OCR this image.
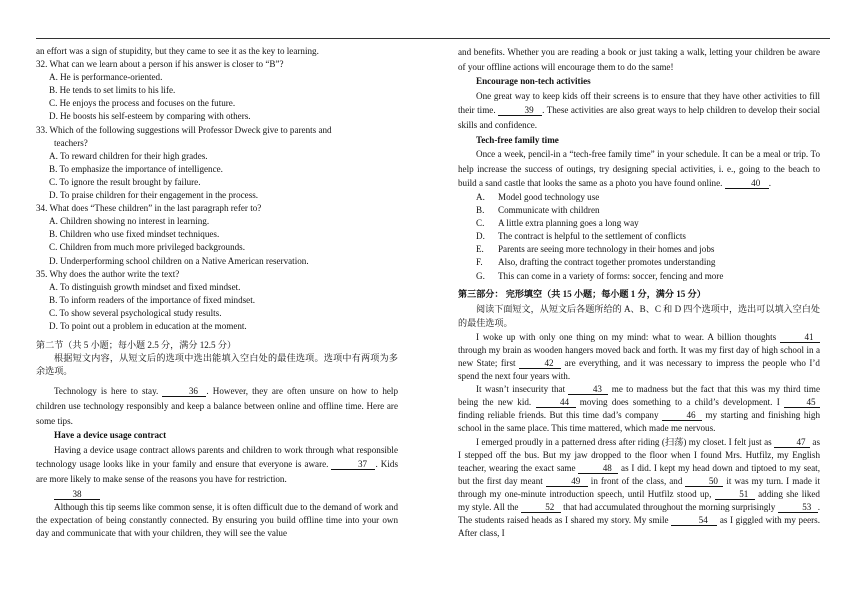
an effort was a sign of stupidity, but they came to see it as the key to learning.

32. What can we learn about a person if his answer is closer to “B”?

A. He is performance-oriented.

B. He tends to set limits to his life.

C. He enjoys the process and focuses on the future.

D. He boosts his self-esteem by comparing with others.

33. Which of the following suggestions will Professor Dweck give to parents and

teachers?

A. To reward children for their high grades.

B. To emphasize the importance of intelligence.

C. To ignore the result brought by failure.

D. To praise children for their engagement in the process.

34. What does “These children” in the last paragraph refer to?

A. Children showing no interest in learning.

B. Children who use fixed mindset techniques.

C. Children from much more privileged backgrounds.

D. Underperforming school children on a Native American reservation.

35. Why does the author write the text?

A. To distinguish growth mindset and fixed mindset.

B. To inform readers of the importance of fixed mindset.

C. To show several psychological study results.

D. To point out a problem in education at the moment.

第二节（共 5 小题；每小题 2.5 分，满分 12.5 分）

根据短文内容，从短文后的选项中选出能填入空白处的最佳选项。选项中有两项为多余选项。

Technology is here to stay.	36 . However, they are often unsure on how to help children use technology responsibly and keep a balance between online and offline time. Here are some tips.

Have a device usage contract

Having a device usage contract allows parents and children to work through what responsible technology usage looks like in your family and ensure that everyone is aware.	37 . Kids are more likely to make sense of the reasons you have for restriction.

38

Although this tip seems like common sense, it is often difficult due to the demand of work and the expectation of being constantly connected. By ensuring you build offline time into your own day and communicate that with your children, they will see the value

and benefits. Whether you are reading a book or just taking a walk, letting your children be aware of your offline actions will encourage them to do the same!

Encourage non-tech activities

One great way to keep kids off their screens is to ensure that they have other activities to fill their time.	39 . These activities are also great ways to help children to develop their social skills and confidence.

Tech-free family time

Once a week, pencil-in a “tech-free family time” in your schedule. It can be a meal or trip. To help increase the success of outings, try designing special activities, i. e., going to the beach to build a sand castle that looks the same as a photo you have found online.	40 .

A.	Model good technology use
B.	Communicate with children
C.	A little extra planning goes a long way
D.	The contract is helpful to the settlement of conflicts
E.	Parents are seeing more technology in their homes and jobs
F.	Also, drafting the contract together promotes understanding
G.	This can come in a variety of forms: soccer, fencing and more

第三部分： 完形填空（共 15 小题；每小题 1 分，满分 15 分）

阅读下面短文，从短文后各题所给的 A、B、C 和 D 四个选项中，选出可以填入空白处的最佳选项。

I woke up with only one thing on my mind: what to wear. A billion thoughts	41 through my brain as wooden hangers moved back and forth. It was my first day of high school in a new State; first	42 are everything, and it was necessary to impress the people who I’d spend the next four years with.

It wasn’t insecurity that	43 me to madness but the fact that this was my third time being the new kid.	44 moving does something to a child’s development. I 45 finding reliable friends. But this time dad’s company	46 my starting and finishing high school in the same place. This time mattered, which made me nervous.

I emerged proudly in a patterned dress after riding (扫荡) my closet. I felt just as 47 as I stepped off the bus. But my jaw dropped to the floor when I found Mrs. Hutfilz, my English teacher, wearing the exact same	48 as I did. I kept my head down and tiptoed to my seat, but the first day meant	49 in front of the class, and	50 it was my turn. I made it through my one-minute introduction speech, until Hutfilz stood up,	51 adding she liked my style. All the	52 that had accumulated throughout the morning surprisingly	53 . The students raised heads as I shared my story. My smile	54 as I giggled with my peers. After class, I
